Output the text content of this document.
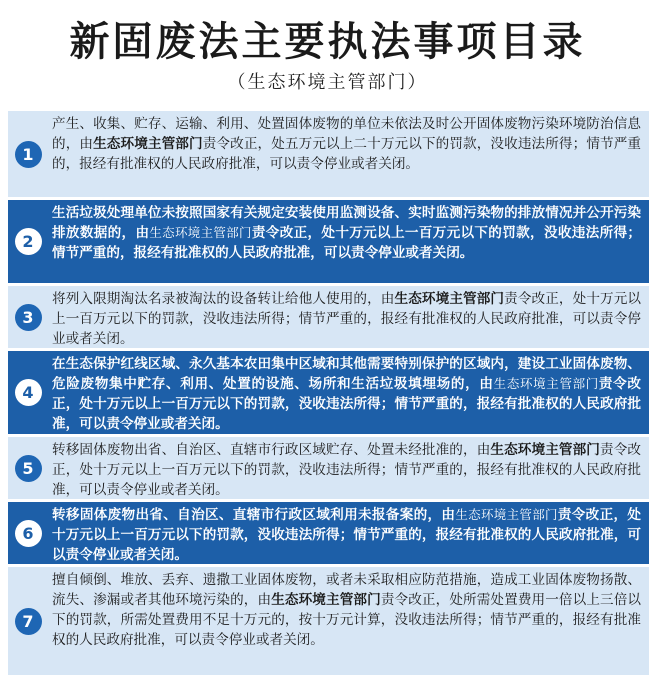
新固废法主要执法事项目录
（生态环境主管部门）
1
产生、收集、贮存、运输、利用、处置固体废物的单位未依法及时公开固体废物污染环境防治信息的，由生态环境主管部门责令改正，处五万元以上二十万元以下的罚款，没收违法所得；情节严重的，报经有批准权的人民政府批准，可以责令停业或者关闭。
2
生活垃圾处理单位未按照国家有关规定安装使用监测设备、实时监测污染物的排放情况并公开污染排放数据的，由生态环境主管部门责令改正，处十万元以上一百万元以下的罚款，没收违法所得；情节严重的，报经有批准权的人民政府批准，可以责令停业或者关闭。
3
将列入限期淘汰名录被淘汰的设备转让给他人使用的，由生态环境主管部门责令改正，处十万元以上一百万元以下的罚款，没收违法所得；情节严重的，报经有批准权的人民政府批准，可以责令停业或者关闭。
4
在生态保护红线区域、永久基本农田集中区域和其他需要特别保护的区域内，建设工业固体废物、危险废物集中贮存、利用、处置的设施、场所和生活垃圾填埋场的，由生态环境主管部门责令改正，处十万元以上一百万元以下的罚款，没收违法所得；情节严重的，报经有批准权的人民政府批准，可以责令停业或者关闭。
5
转移固体废物出省、自治区、直辖市行政区域贮存、处置未经批准的，由生态环境主管部门责令改正，处十万元以上一百万元以下的罚款，没收违法所得；情节严重的，报经有批准权的人民政府批准，可以责令停业或者关闭。
6
转移固体废物出省、自治区、直辖市行政区域利用未报备案的，由生态环境主管部门责令改正，处十万元以上一百万元以下的罚款，没收违法所得；情节严重的，报经有批准权的人民政府批准，可以责令停业或者关闭。
7
擅自倾倒、堆放、丢弃、遗撒工业固体废物，或者未采取相应防范措施，造成工业固体废物扬散、流失、渗漏或者其他环境污染的，由生态环境主管部门责令改正，处所需处置费用一倍以上三倍以下的罚款，所需处置费用不足十万元的，按十万元计算，没收违法所得；情节严重的，报经有批准权的人民政府批准，可以责令停业或者关闭。
